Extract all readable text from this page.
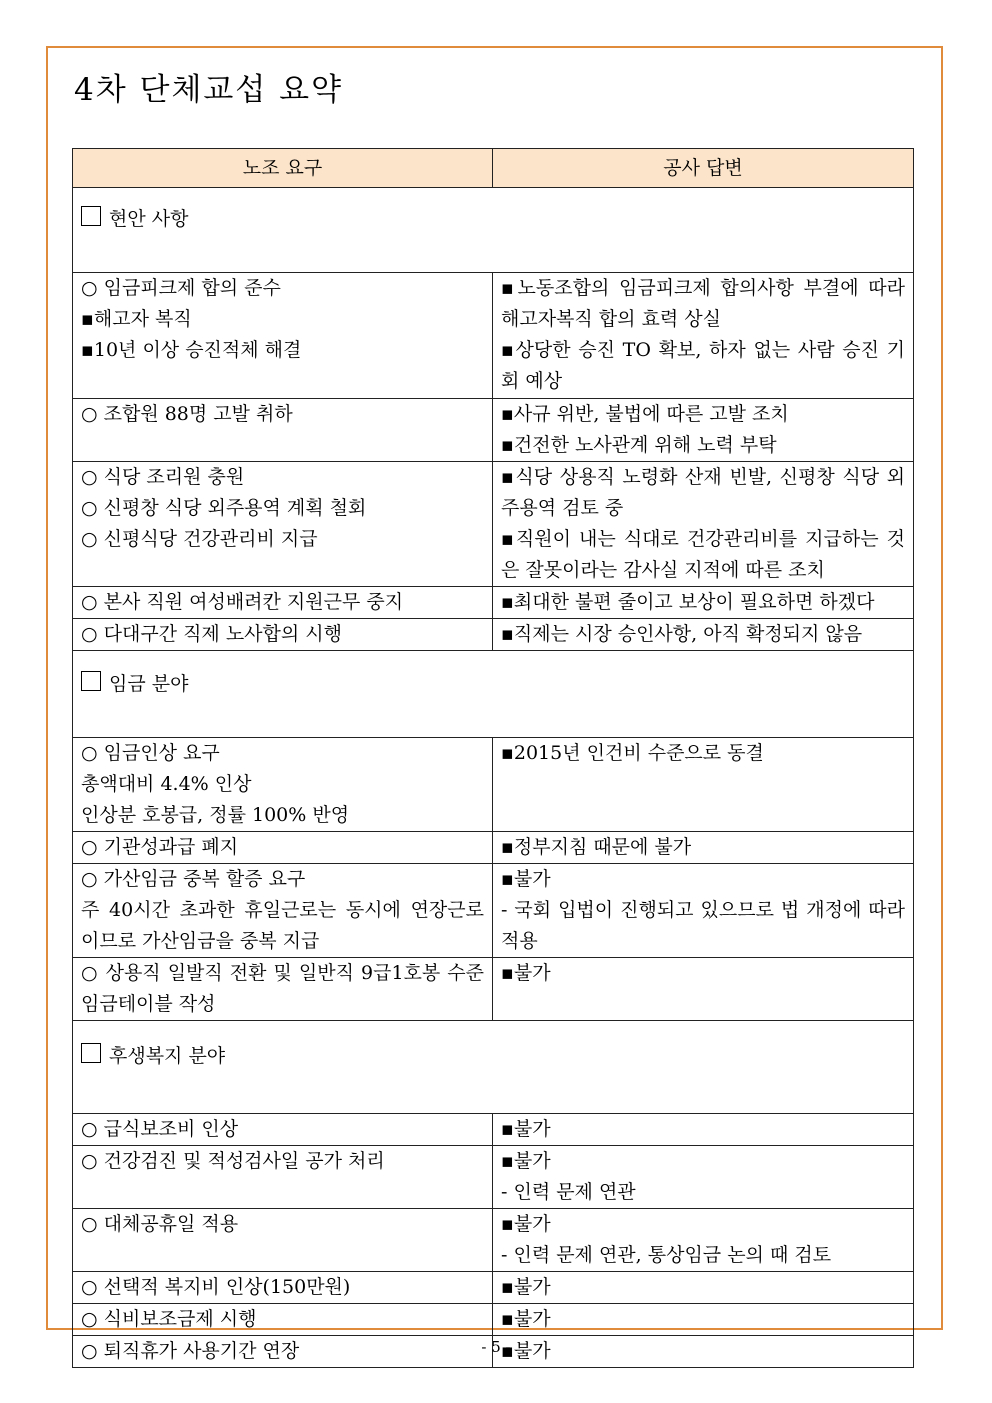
4차 단체교섭 요약
노조 요구	공사 답변
현안 사항	

○ 임금피크제 합의 준수
▪해고자 복직
▪10년 이상 승진적체 해결	▪노동조합의 임금피크제 합의사항 부결에 따라 해고자복직 합의 효력 상실
▪상당한 승진 TO 확보, 하자 없는 사람 승진 기회 예상

○ 조합원 88명 고발 취하	▪사규 위반, 불법에 따른 고발 조치
▪건전한 노사관계 위해 노력 부탁

○ 식당 조리원 충원
○ 신평창 식당 외주용역 계획 철회
○ 신평식당 건강관리비 지급	▪식당 상용직 노령화 산재 빈발, 신평창 식당 외주용역 검토 중
▪직원이 내는 식대로 건강관리비를 지급하는 것은 잘못이라는 감사실 지적에 따른 조치

○ 본사 직원 여성배려칸 지원근무 중지	▪최대한 불편 줄이고 보상이 필요하면 하겠다

○ 다대구간 직제 노사합의 시행	▪직제는 시장 승인사항, 아직 확정되지 않음

임금 분야	

○ 임금인상 요구
총액대비 4.4% 인상
인상분 호봉급, 정률 100% 반영	▪2015년 인건비 수준으로 동결

○ 기관성과급 폐지	▪정부지침 때문에 불가

○ 가산임금 중복 할증 요구
주 40시간 초과한 휴일근로는 동시에 연장근로이므로 가산임금을 중복 지급	▪불가
- 국회 입법이 진행되고 있으므로 법 개정에 따라 적용

○ 상용직 일발직 전환 및 일반직 9급1호봉 수준 임금테이블 작성	▪불가

후생복지 분야	

○ 급식보조비 인상	▪불가

○ 건강검진 및 적성검사일 공가 처리	▪불가
- 인력 문제 연관

○ 대체공휴일 적용	▪불가
- 인력 문제 연관, 통상임금 논의 때 검토

○ 선택적 복지비 인상(150만원)	▪불가

○ 식비보조금제 시행	▪불가

○ 퇴직휴가 사용기간 연장	▪불가
- 5 -
